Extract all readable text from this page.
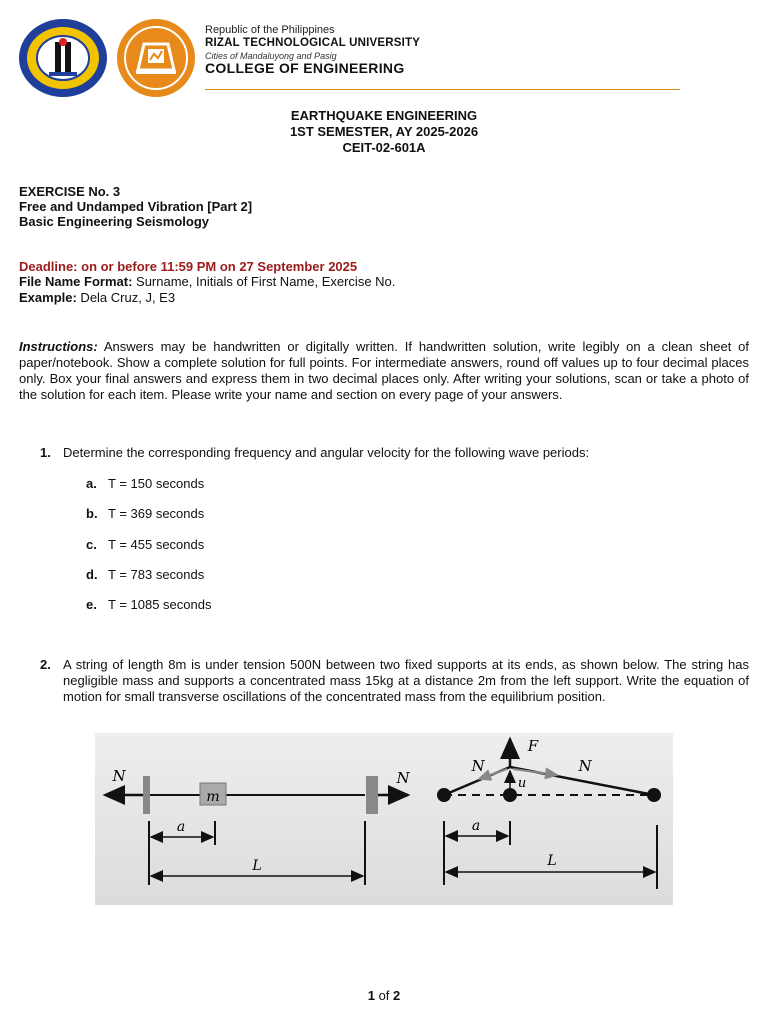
Republic of the Philippines
RIZAL TECHNOLOGICAL UNIVERSITY
Cities of Mandaluyong and Pasig
COLLEGE OF ENGINEERING
EARTHQUAKE ENGINEERING
1ST SEMESTER, AY 2025-2026
CEIT-02-601A
EXERCISE No. 3
Free and Undamped Vibration [Part 2]
Basic Engineering Seismology
Deadline: on or before 11:59 PM on 27 September 2025
File Name Format: Surname, Initials of First Name, Exercise No.
Example: Dela Cruz, J, E3
Instructions: Answers may be handwritten or digitally written. If handwritten solution, write legibly on a clean sheet of paper/notebook. Show a complete solution for full points. For intermediate answers, round off values up to four decimal places only. Box your final answers and express them in two decimal places only. After writing your solutions, scan or take a photo of the solution for each item. Please write your name and section on every page of your answers.
1. Determine the corresponding frequency and angular velocity for the following wave periods:
a. T = 150 seconds
b. T = 369 seconds
c. T = 455 seconds
d. T = 783 seconds
e. T = 1085 seconds
2. A string of length 8m is under tension 500N between two fixed supports at its ends, as shown below. The string has negligible mass and supports a concentrated mass 15kg at a distance 2m from the left support. Write the equation of motion for small transverse oscillations of the concentrated mass from the equilibrium position.
m
N	N
a
L
F
N	N
u
a
L
1 of 2
